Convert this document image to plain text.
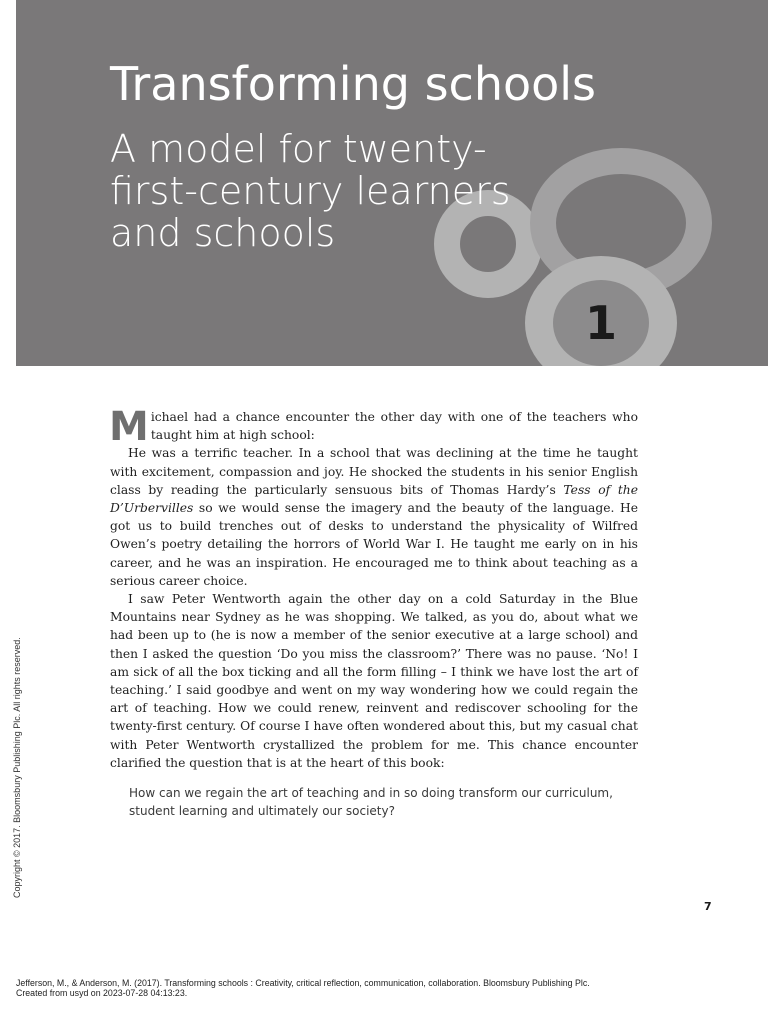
1
Transforming schools
A model for twenty-first-century learners and schools

Michael had a chance encounter the other day with one of the teachers who taught him at high school:

He was a terrific teacher. In a school that was declining at the time he taught with excitement, compassion and joy. He shocked the students in his senior English class by reading the particularly sensuous bits of Thomas Hardy’s Tess of the D’Urbervilles so we would sense the imagery and the beauty of the language. He got us to build trenches out of desks to understand the physicality of Wilfred Owen’s poetry detailing the horrors of World War I. He taught me early on in his career, and he was an inspiration. He encouraged me to think about teaching as a serious career choice.

I saw Peter Wentworth again the other day on a cold Saturday in the Blue Mountains near Sydney as he was shopping. We talked, as you do, about what we had been up to (he is now a member of the senior executive at a large school) and then I asked the question ‘Do you miss the classroom?’ There was no pause. ‘No! I am sick of all the box ticking and all the form filling – I think we have lost the art of teaching.’ I said goodbye and went on my way wondering how we could regain the art of teaching. How we could renew, reinvent and rediscover schooling for the twenty-first century. Of course I have often wondered about this, but my casual chat with Peter Wentworth crystallized the problem for me. This chance encounter clarified the question that is at the heart of this book:

How can we regain the art of teaching and in so doing transform our curriculum, student learning and ultimately our society?

Copyright © 2017. Bloomsbury Publishing Plc. All rights reserved.
7
Jefferson, M., & Anderson, M. (2017). Transforming schools : Creativity, critical reflection, communication, collaboration. Bloomsbury Publishing Plc.
Created from usyd on 2023-07-28 04:13:23.
